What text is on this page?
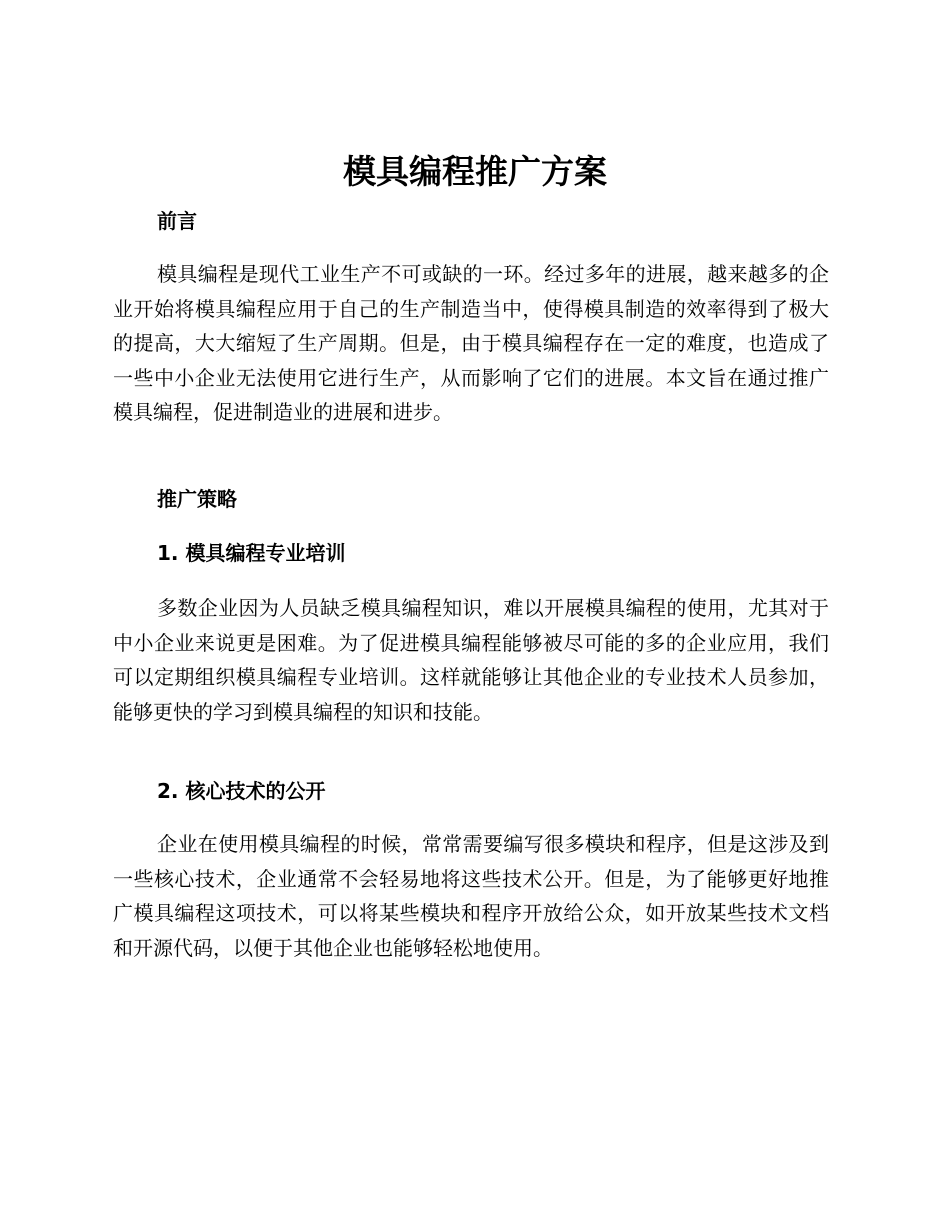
模具编程推广方案
前言

模具编程是现代工业生产不可或缺的一环。经过多年的进展，越来越多的企业开始将模具编程应用于自己的生产制造当中，使得模具制造的效率得到了极大的提高，大大缩短了生产周期。但是，由于模具编程存在一定的难度，也造成了一些中小企业无法使用它进行生产，从而影响了它们的进展。本文旨在通过推广模具编程，促进制造业的进展和进步。

推广策略
1. 模具编程专业培训

多数企业因为人员缺乏模具编程知识，难以开展模具编程的使用，尤其对于中小企业来说更是困难。为了促进模具编程能够被尽可能的多的企业应用，我们可以定期组织模具编程专业培训。这样就能够让其他企业的专业技术人员参加，能够更快的学习到模具编程的知识和技能。

2. 核心技术的公开

企业在使用模具编程的时候，常常需要编写很多模块和程序，但是这涉及到一些核心技术，企业通常不会轻易地将这些技术公开。但是，为了能够更好地推广模具编程这项技术，可以将某些模块和程序开放给公众，如开放某些技术文档和开源代码，以便于其他企业也能够轻松地使用。
